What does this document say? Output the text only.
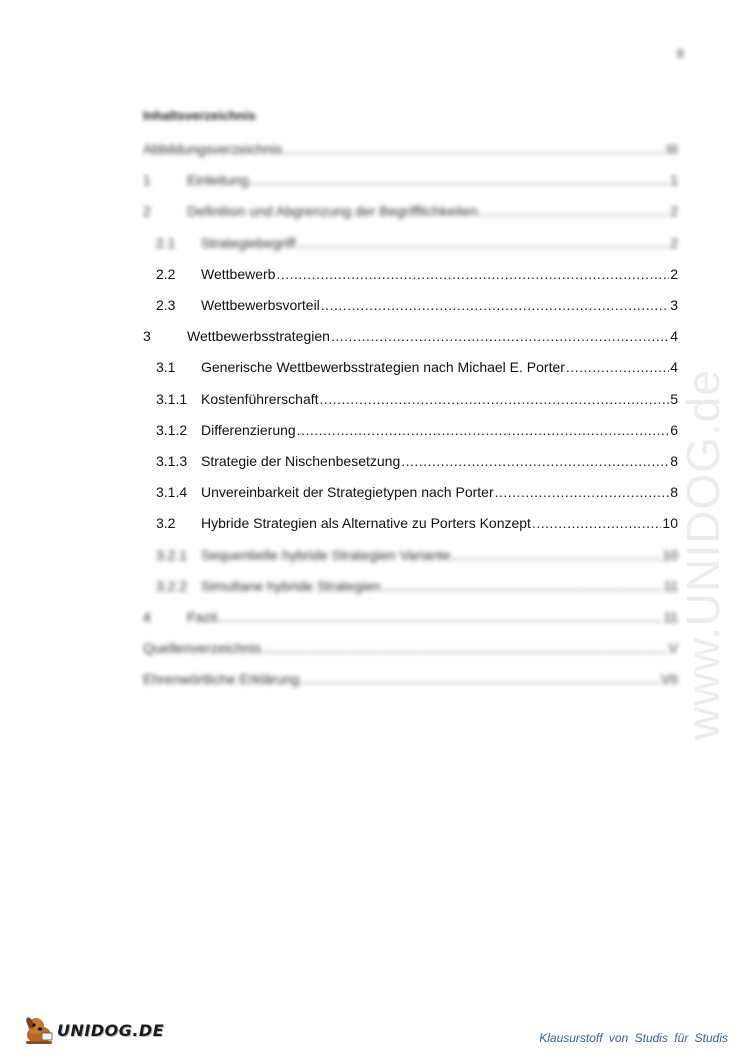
II
Inhaltsverzeichnis
Abbildungsverzeichnis .....	III
1	Einleitung .....	1
2	Definition und Abgrenzung der Begrifflichkeiten .....	2
2.1 Strategiebegriff .....	2
2.2 Wettbewerb .....	2
2.3 Wettbewerbsvorteil .....	3
3	Wettbewerbsstrategien .....	4
3.1 Generische Wettbewerbsstrategien nach Michael E. Porter .....	4
3.1.1 Kostenführerschaft .....	5
3.1.2 Differenzierung .....	6
3.1.3 Strategie der Nischenbesetzung .....	8
3.1.4 Unvereinbarkeit der Strategietypen nach Porter .....	8
3.2 Hybride Strategien als Alternative zu Porters Konzept .....	10
3.2.1 Sequentielle hybride Strategien Variante .....	10
3.2.2 Simultane hybride Strategien .....	11
4	Fazit .....	11
Quellenverzeichnis .....	V
Ehrenwörtliche Erklärung .....	VII www.UNIDOG.de
UNIDOG.DE	Klausurstoff von Studis für Studis
